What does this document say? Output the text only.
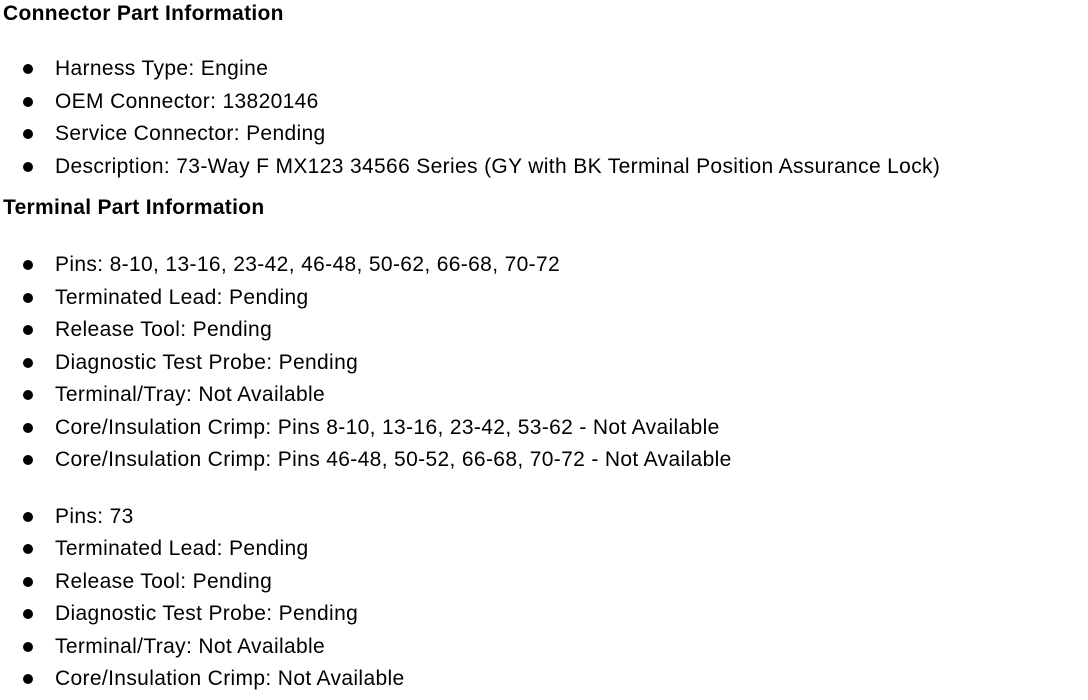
Connector Part Information
Harness Type: Engine
OEM Connector: 13820146
Service Connector: Pending
Description: 73-Way F MX123 34566 Series (GY with BK Terminal Position Assurance Lock)
Terminal Part Information
Pins: 8-10, 13-16, 23-42, 46-48, 50-62, 66-68, 70-72
Terminated Lead: Pending
Release Tool: Pending
Diagnostic Test Probe: Pending
Terminal/Tray: Not Available
Core/Insulation Crimp: Pins 8-10, 13-16, 23-42, 53-62 - Not Available
Core/Insulation Crimp: Pins 46-48, 50-52, 66-68, 70-72 - Not Available
Pins: 73
Terminated Lead: Pending
Release Tool: Pending
Diagnostic Test Probe: Pending
Terminal/Tray: Not Available
Core/Insulation Crimp: Not Available
